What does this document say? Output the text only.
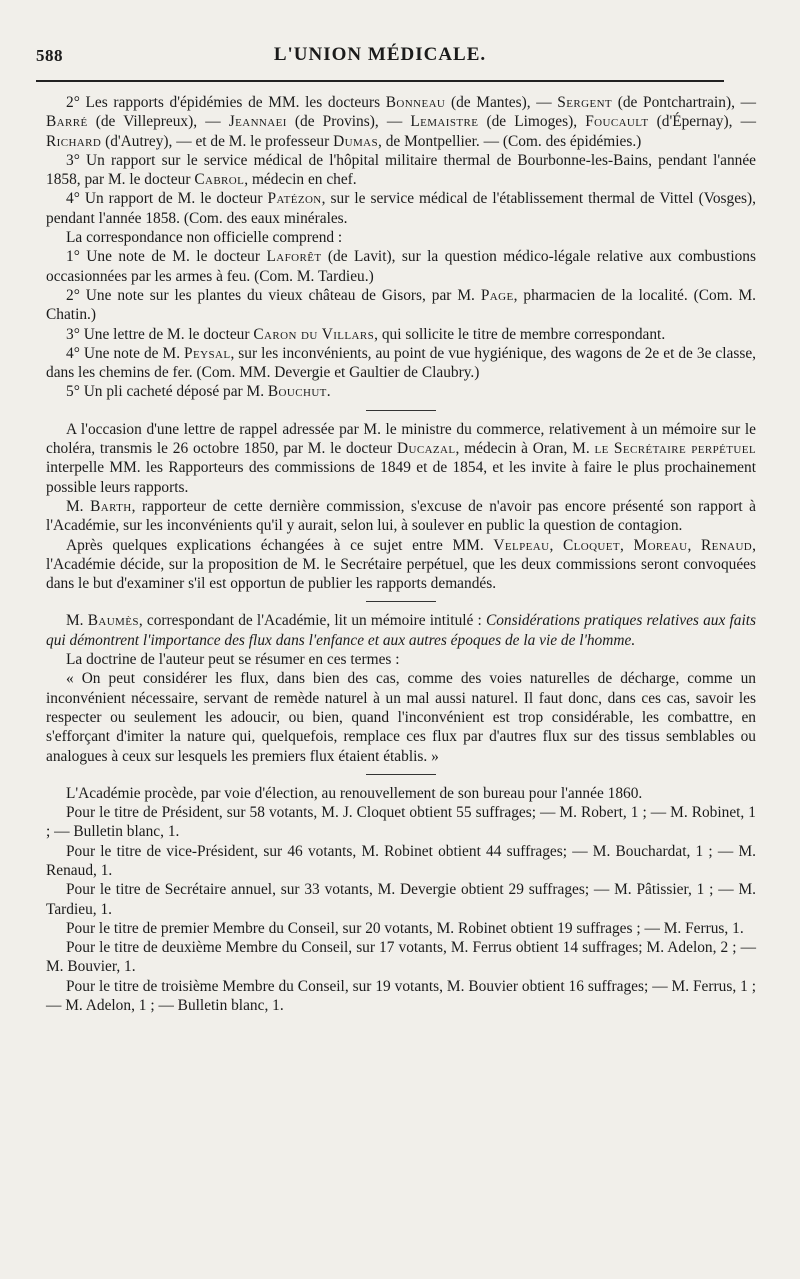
588	L'UNION MÉDICALE.

2° Les rapports d'épidémies de MM. les docteurs Bonneau (de Mantes), — Sergent (de Pontchartrain), — Barré (de Villepreux), — Jeannaei (de Provins), — Lemaistre (de Limoges), Foucault (d'Épernay), — Richard (d'Autrey), — et de M. le professeur Dumas, de Montpellier. — (Com. des épidémies.)

3° Un rapport sur le service médical de l'hôpital militaire thermal de Bourbonne-les-Bains, pendant l'année 1858, par M. le docteur Cabrol, médecin en chef.

4° Un rapport de M. le docteur Patézon, sur le service médical de l'établissement thermal de Vittel (Vosges), pendant l'année 1858. (Com. des eaux minérales.

La correspondance non officielle comprend :

1° Une note de M. le docteur Laforêt (de Lavit), sur la question médico-légale relative aux combustions occasionnées par les armes à feu. (Com. M. Tardieu.)

2° Une note sur les plantes du vieux château de Gisors, par M. Page, pharmacien de la localité. (Com. M. Chatin.)

3° Une lettre de M. le docteur Caron du Villars, qui sollicite le titre de membre correspondant.

4° Une note de M. Peysal, sur les inconvénients, au point de vue hygiénique, des wagons de 2e et de 3e classe, dans les chemins de fer. (Com. MM. Devergie et Gaultier de Claubry.)

5° Un pli cacheté déposé par M. Bouchut.

A l'occasion d'une lettre de rappel adressée par M. le ministre du commerce, relativement à un mémoire sur le choléra, transmis le 26 octobre 1850, par M. le docteur Ducazal, médecin à Oran, M. le Secrétaire perpétuel interpelle MM. les Rapporteurs des commissions de 1849 et de 1854, et les invite à faire le plus prochainement possible leurs rapports.

M. Barth, rapporteur de cette dernière commission, s'excuse de n'avoir pas encore présenté son rapport à l'Académie, sur les inconvénients qu'il y aurait, selon lui, à soulever en public la question de contagion.

Après quelques explications échangées à ce sujet entre MM. Velpeau, Cloquet, Moreau, Renaud, l'Académie décide, sur la proposition de M. le Secrétaire perpétuel, que les deux commissions seront convoquées dans le but d'examiner s'il est opportun de publier les rapports demandés.

M. Baumès, correspondant de l'Académie, lit un mémoire intitulé : Considérations pratiques relatives aux faits qui démontrent l'importance des flux dans l'enfance et aux autres époques de la vie de l'homme.

La doctrine de l'auteur peut se résumer en ces termes :

« On peut considérer les flux, dans bien des cas, comme des voies naturelles de décharge, comme un inconvénient nécessaire, servant de remède naturel à un mal aussi naturel. Il faut donc, dans ces cas, savoir les respecter ou seulement les adoucir, ou bien, quand l'inconvénient est trop considérable, les combattre, en s'efforçant d'imiter la nature qui, quelquefois, remplace ces flux par d'autres flux sur des tissus semblables ou analogues à ceux sur lesquels les premiers flux étaient établis. »

L'Académie procède, par voie d'élection, au renouvellement de son bureau pour l'année 1860.

Pour le titre de Président, sur 58 votants, M. J. Cloquet obtient 55 suffrages; — M. Robert, 1 ; — M. Robinet, 1 ; — Bulletin blanc, 1.

Pour le titre de vice-Président, sur 46 votants, M. Robinet obtient 44 suffrages; — M. Bouchardat, 1 ; — M. Renaud, 1.

Pour le titre de Secrétaire annuel, sur 33 votants, M. Devergie obtient 29 suffrages; — M. Pâtissier, 1 ; — M. Tardieu, 1.

Pour le titre de premier Membre du Conseil, sur 20 votants, M. Robinet obtient 19 suffrages ; — M. Ferrus, 1.

Pour le titre de deuxième Membre du Conseil, sur 17 votants, M. Ferrus obtient 14 suffrages; M. Adelon, 2 ; — M. Bouvier, 1.

Pour le titre de troisième Membre du Conseil, sur 19 votants, M. Bouvier obtient 16 suffrages; — M. Ferrus, 1 ; — M. Adelon, 1 ; — Bulletin blanc, 1.
